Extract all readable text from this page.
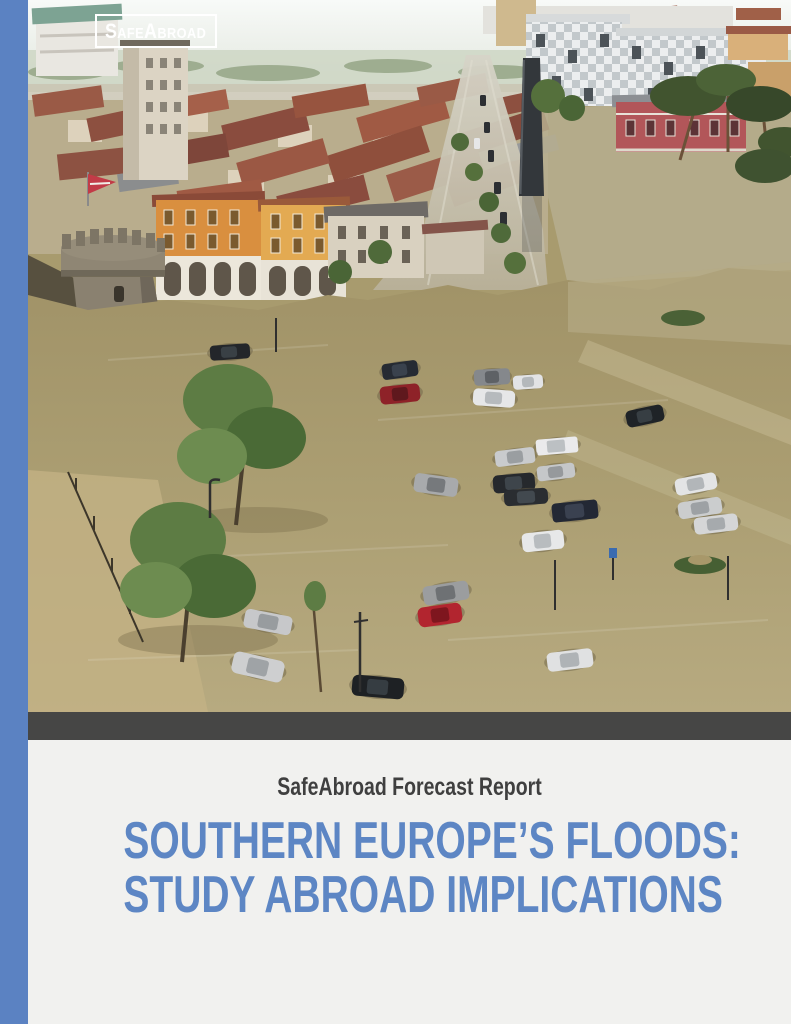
SafeAbroad

SafeAbroad Forecast Report

SOUTHERN EUROPE’S FLOODS:
STUDY ABROAD IMPLICATIONS
